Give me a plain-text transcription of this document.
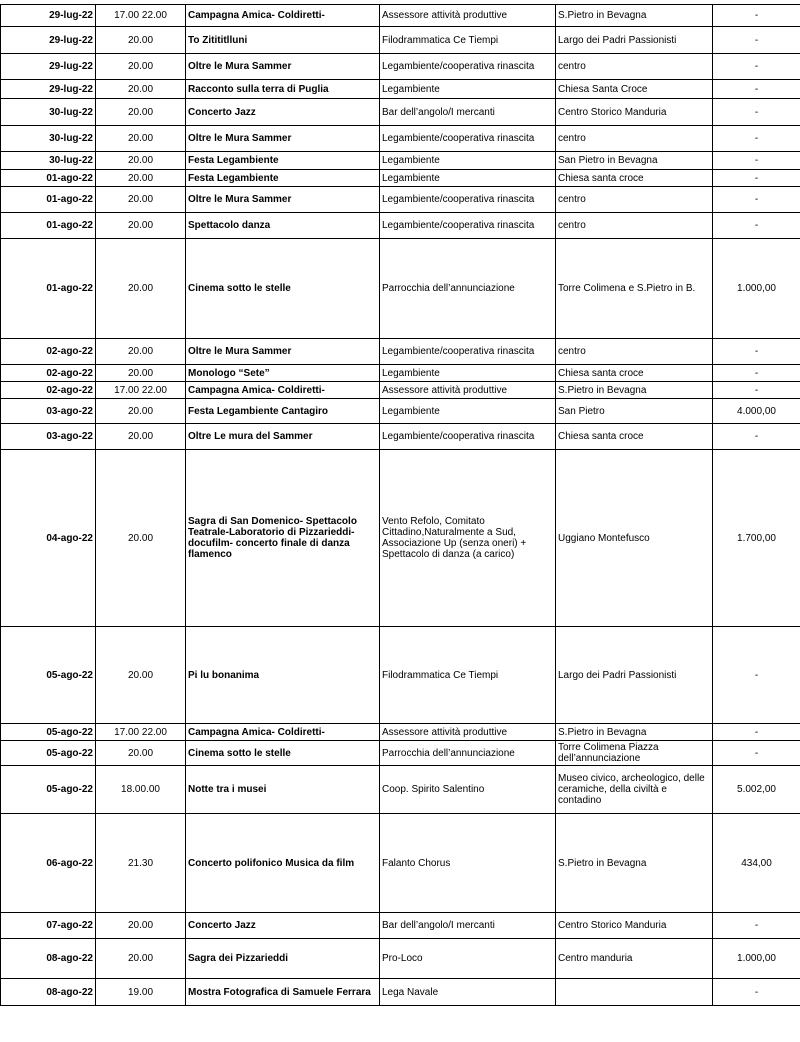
29-lug-22	17.00 22.00	Campagna Amica- Coldiretti-	Assessore attività produttive	S.Pietro in Bevagna	-
29-lug-22	20.00	To Zitititlluni	Filodrammatica Ce Tiempi	Largo dei Padri Passionisti	-
29-lug-22	20.00	Oltre le Mura Sammer	Legambiente/cooperativa rinascita	centro	-
29-lug-22	20.00	Racconto sulla terra di Puglia	Legambiente	Chiesa Santa Croce	-
30-lug-22	20.00	Concerto Jazz	Bar dell’angolo/I mercanti	Centro Storico Manduria	-
30-lug-22	20.00	Oltre le Mura Sammer	Legambiente/cooperativa rinascita	centro	-
30-lug-22	20.00	Festa Legambiente	Legambiente	San Pietro in Bevagna	-
01-ago-22	20.00	Festa Legambiente	Legambiente	Chiesa santa croce	-
01-ago-22	20.00	Oltre le Mura Sammer	Legambiente/cooperativa rinascita	centro	-
01-ago-22	20.00	Spettacolo danza	Legambiente/cooperativa rinascita	centro	-
01-ago-22	20.00	Cinema sotto le stelle	Parrocchia dell’annunciazione	Torre Colimena e S.Pietro in B.	1.000,00
02-ago-22	20.00	Oltre le Mura Sammer	Legambiente/cooperativa rinascita	centro	-
02-ago-22	20.00	Monologo “Sete”	Legambiente	Chiesa santa croce	-
02-ago-22	17.00 22.00	Campagna Amica- Coldiretti-	Assessore attività produttive	S.Pietro in Bevagna	-
03-ago-22	20.00	Festa Legambiente Cantagiro	Legambiente	San Pietro	4.000,00
03-ago-22	20.00	Oltre Le mura del Sammer	Legambiente/cooperativa rinascita	Chiesa santa croce	-
04-ago-22	20.00	Sagra di San Domenico- Spettacolo Teatrale-Laboratorio di Pizzarieddi-docufilm- concerto finale di danza flamenco	Vento Refolo, Comitato Cittadino,Naturalmente a Sud, Associazione Up (senza oneri) + Spettacolo di danza (a carico)	Uggiano Montefusco	1.700,00
05-ago-22	20.00	Pi lu bonanima	Filodrammatica Ce Tiempi	Largo dei Padri Passionisti	-
05-ago-22	17.00 22.00	Campagna Amica- Coldiretti-	Assessore attività produttive	S.Pietro in Bevagna	-
05-ago-22	20.00	Cinema sotto le stelle	Parrocchia dell’annunciazione	Torre Colimena Piazza dell’annunciazione	-
05-ago-22	18.00.00	Notte tra i musei	Coop. Spirito Salentino	Museo civico, archeologico, delle ceramiche, della civiltà e contadino	5.002,00
06-ago-22	21.30	Concerto polifonico Musica da film	Falanto Chorus	S.Pietro in Bevagna	434,00
07-ago-22	20.00	Concerto Jazz	Bar dell’angolo/I mercanti	Centro Storico Manduria	-
08-ago-22	20.00	Sagra dei Pizzarieddi	Pro-Loco	Centro manduria	1.000,00
08-ago-22	19.00	Mostra Fotografica di Samuele Ferrara	Lega Navale		-
